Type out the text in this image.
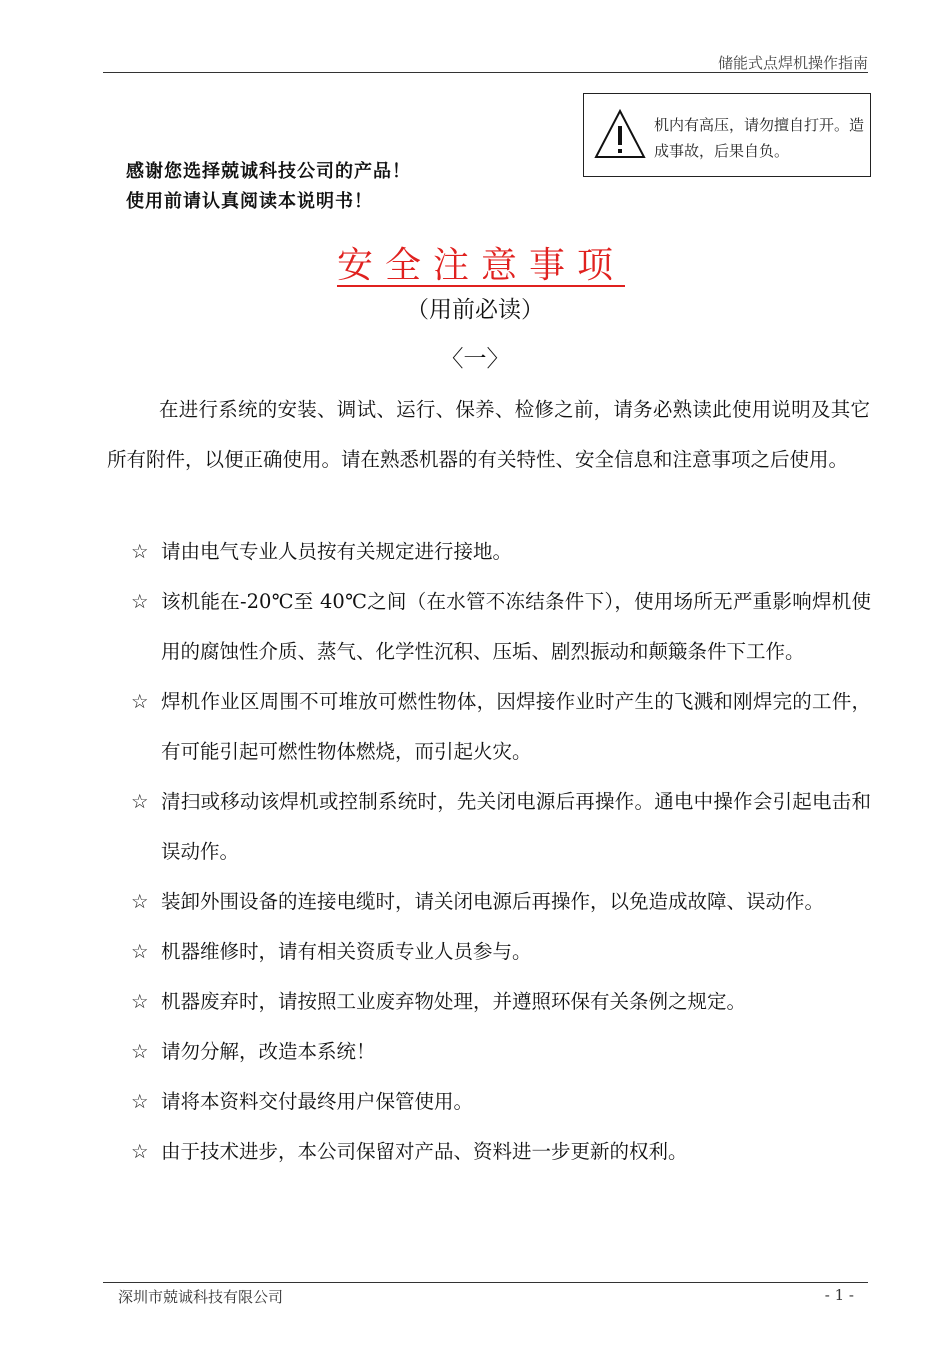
储能式点焊机操作指南
机内有高压，请勿擅自打开。造成事故，后果自负。
感谢您选择兢诚科技公司的产品！
使用前请认真阅读本说明书！
安全注意事项
（用前必读）
〈一〉

在进行系统的安装、调试、运行、保养、检修之前，请务必熟读此使用说明及其它所有附件，以便正确使用。请在熟悉机器的有关特性、安全信息和注意事项之后使用。

☆ 请由电气专业人员按有关规定进行接地。
☆ 该机能在-20℃至 40℃之间（在水管不冻结条件下），使用场所无严重影响焊机使用的腐蚀性介质、蒸气、化学性沉积、压垢、剧烈振动和颠簸条件下工作。
☆ 焊机作业区周围不可堆放可燃性物体，因焊接作业时产生的飞溅和刚焊完的工件，有可能引起可燃性物体燃烧，而引起火灾。
☆ 清扫或移动该焊机或控制系统时，先关闭电源后再操作。通电中操作会引起电击和误动作。
☆ 装卸外围设备的连接电缆时，请关闭电源后再操作，以免造成故障、误动作。
☆ 机器维修时，请有相关资质专业人员参与。
☆ 机器废弃时，请按照工业废弃物处理，并遵照环保有关条例之规定。
☆ 请勿分解，改造本系统！
☆ 请将本资料交付最终用户保管使用。
☆ 由于技术进步，本公司保留对产品、资料进一步更新的权利。
深圳市兢诚科技有限公司	- 1 -
